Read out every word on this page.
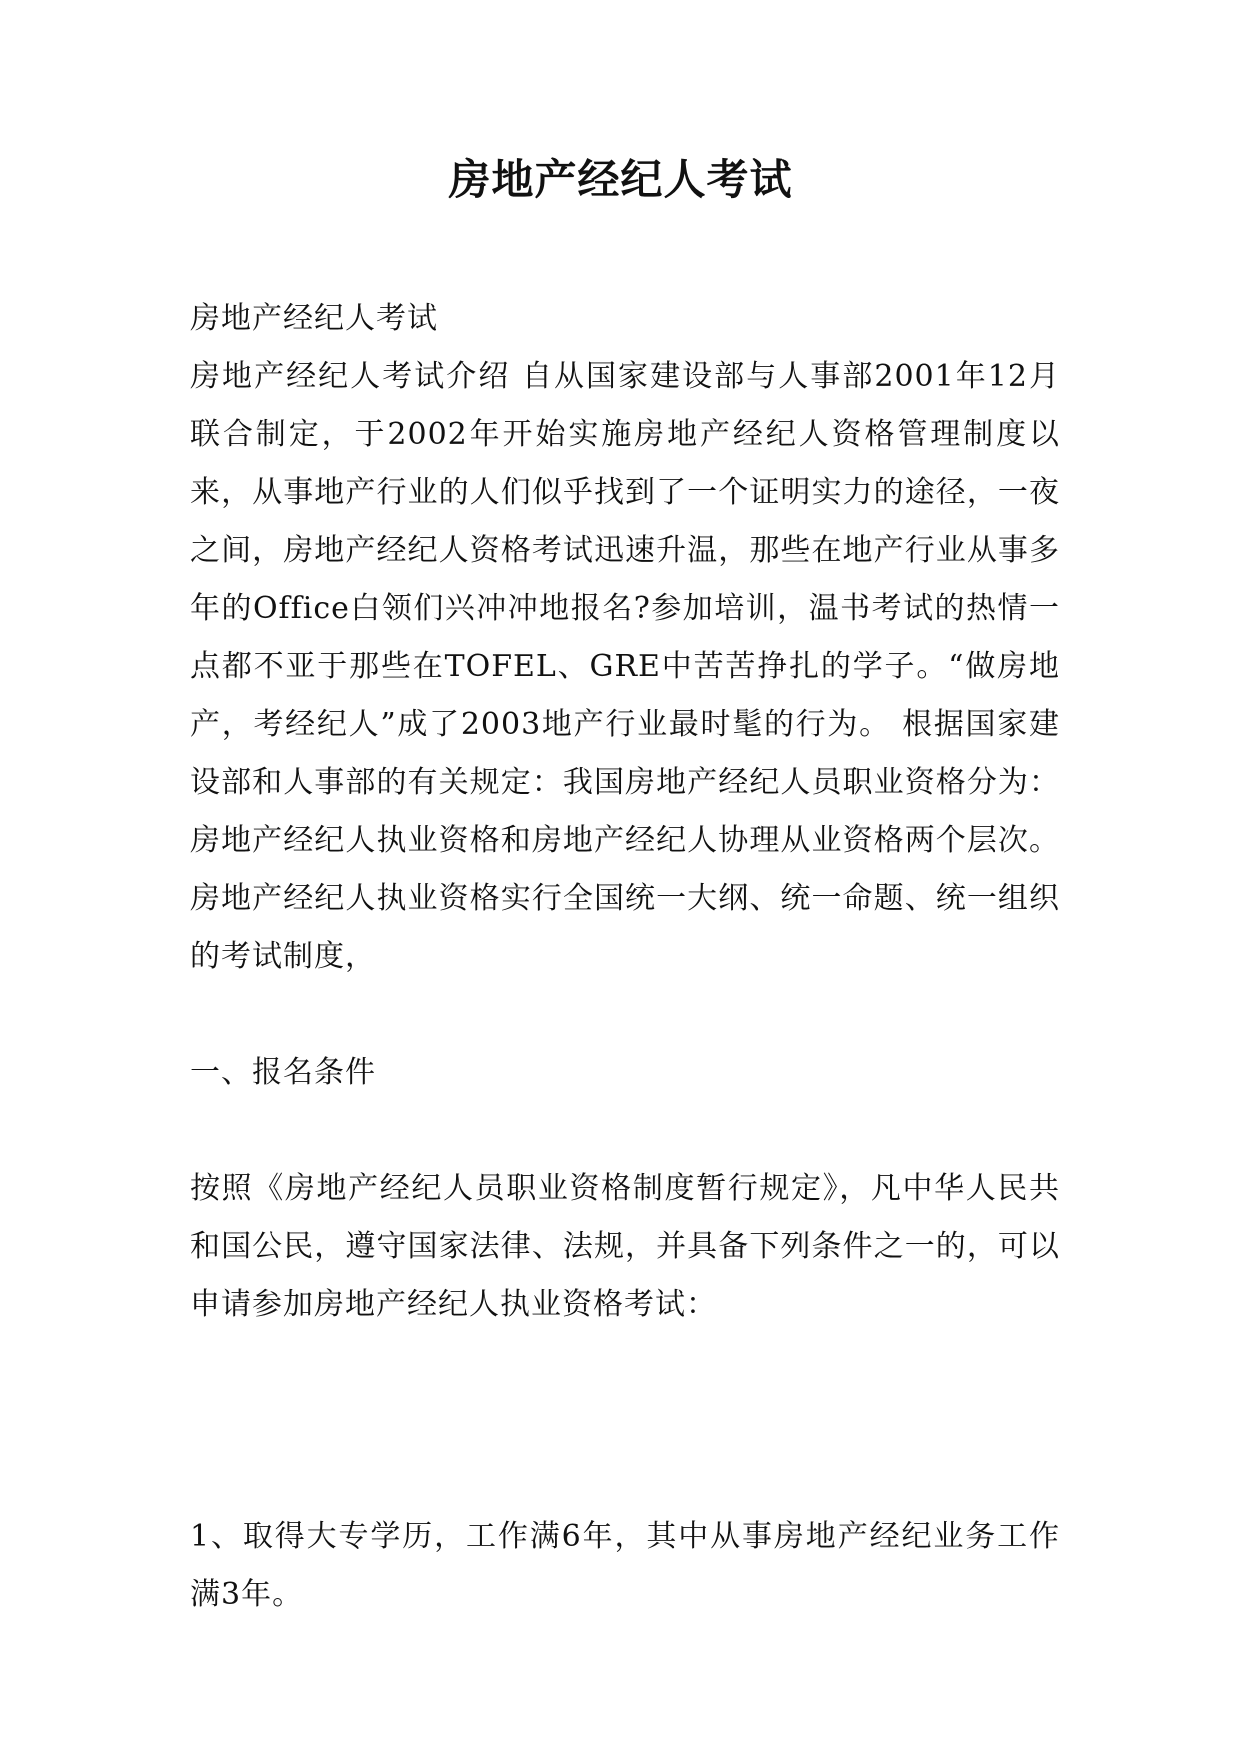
房地产经纪人考试

房地产经纪人考试

房地产经纪人考试介绍 自从国家建设部与人事部2001年12月联合制定，于2002年开始实施房地产经纪人资格管理制度以来，从事地产行业的人们似乎找到了一个证明实力的途径，一夜之间，房地产经纪人资格考试迅速升温，那些在地产行业从事多年的Office白领们兴冲冲地报名?参加培训，温书考试的热情一点都不亚于那些在TOFEL、GRE中苦苦挣扎的学子。“做房地产，考经纪人”成了2003地产行业最时髦的行为。 根据国家建设部和人事部的有关规定：我国房地产经纪人员职业资格分为：房地产经纪人执业资格和房地产经纪人协理从业资格两个层次。 房地产经纪人执业资格实行全国统一大纲、统一命题、统一组织的考试制度，

一、报名条件

按照《房地产经纪人员职业资格制度暂行规定》，凡中华人民共和国公民，遵守国家法律、法规，并具备下列条件之一的，可以申请参加房地产经纪人执业资格考试：

1、取得大专学历，工作满6年，其中从事房地产经纪业务工作满3年。
